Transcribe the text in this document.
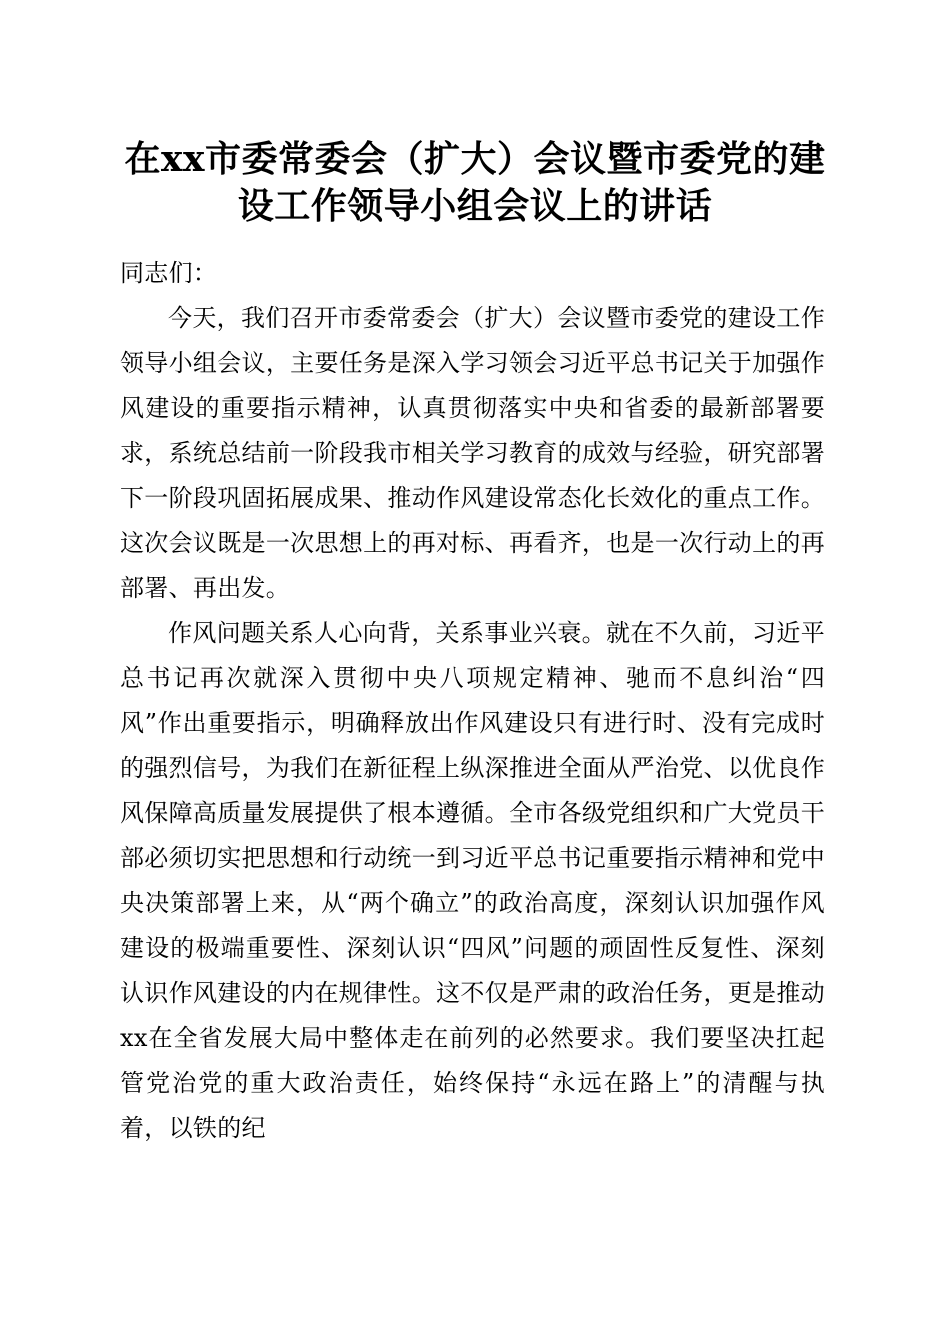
在xx市委常委会（扩大）会议暨市委党的建
设工作领导小组会议上的讲话

同志们：

今天，我们召开市委常委会（扩大）会议暨市委党的建设工作领导小组会议，主要任务是深入学习领会习近平总书记关于加强作风建设的重要指示精神，认真贯彻落实中央和省委的最新部署要求，系统总结前一阶段我市相关学习教育的成效与经验，研究部署下一阶段巩固拓展成果、推动作风建设常态化长效化的重点工作。这次会议既是一次思想上的再对标、再看齐，也是一次行动上的再部署、再出发。

作风问题关系人心向背，关系事业兴衰。就在不久前，习近平总书记再次就深入贯彻中央八项规定精神、驰而不息纠治“四风”作出重要指示，明确释放出作风建设只有进行时、没有完成时的强烈信号，为我们在新征程上纵深推进全面从严治党、以优良作风保障高质量发展提供了根本遵循。全市各级党组织和广大党员干部必须切实把思想和行动统一到习近平总书记重要指示精神和党中央决策部署上来，从“两个确立”的政治高度，深刻认识加强作风建设的极端重要性、深刻认识“四风”问题的顽固性反复性、深刻认识作风建设的内在规律性。这不仅是严肃的政治任务，更是推动xx在全省发展大局中整体走在前列的必然要求。我们要坚决扛起管党治党的重大政治责任，始终保持“永远在路上”的清醒与执着，以铁的纪
